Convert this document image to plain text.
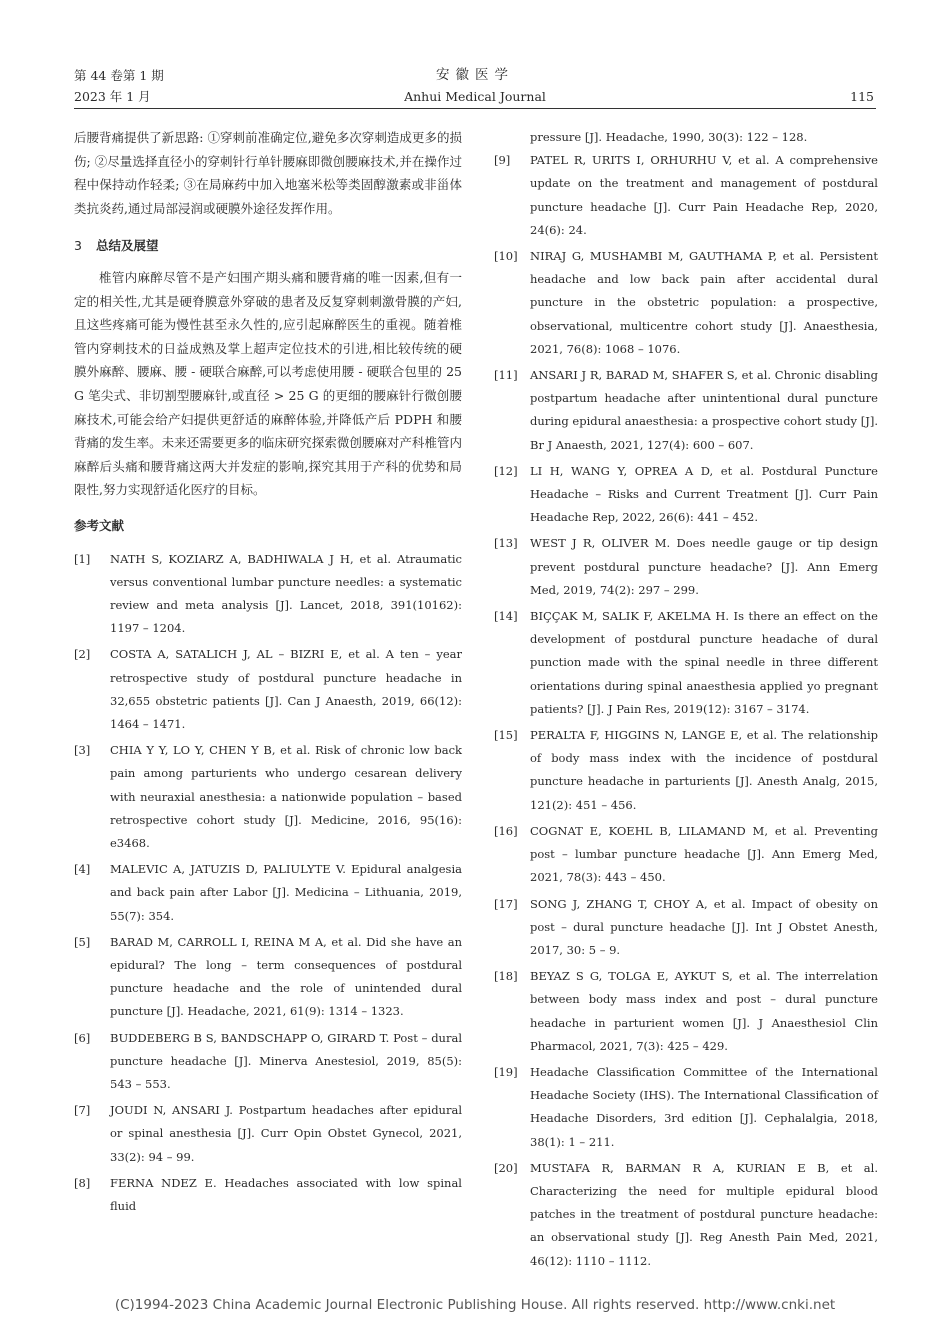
第 44 卷第 1 期
2023 年 1 月
安徽医学
Anhui Medical Journal	115

后腰背痛提供了新思路: ①穿刺前准确定位,避免多次穿刺造成更多的损伤; ②尽量选择直径小的穿刺针行单针腰麻即微创腰麻技术,并在操作过程中保持动作轻柔; ③在局麻药中加入地塞米松等类固醇激素或非甾体类抗炎药,通过局部浸润或硬膜外途径发挥作用。

3 总结及展望

椎管内麻醉尽管不是产妇围产期头痛和腰背痛的唯一因素,但有一定的相关性,尤其是硬脊膜意外穿破的患者及反复穿刺刺激骨膜的产妇,且这些疼痛可能为慢性甚至永久性的,应引起麻醉医生的重视。随着椎管内穿刺技术的日益成熟及掌上超声定位技术的引进,相比较传统的硬膜外麻醉、腰麻、腰 - 硬联合麻醉,可以考虑使用腰 - 硬联合包里的 25 G 笔尖式、非切割型腰麻针,或直径 > 25 G 的更细的腰麻针行微创腰麻技术,可能会给产妇提供更舒适的麻醉体验,并降低产后 PDPH 和腰背痛的发生率。未来还需要更多的临床研究探索微创腰麻对产科椎管内麻醉后头痛和腰背痛这两大并发症的影响,探究其用于产科的优势和局限性,努力实现舒适化医疗的目标。

参考文献

[1]	NATH S, KOZIARZ A, BADHIWALA J H, et al. Atraumatic versus conventional lumbar puncture needles: a systematic review and meta analysis [J]. Lancet, 2018, 391(10162): 1197 – 1204.
[2]	COSTA A, SATALICH J, AL – BIZRI E, et al. A ten – year retrospective study of postdural puncture headache in 32,655 obstetric patients [J]. Can J Anaesth, 2019, 66(12): 1464 – 1471.
[3]	CHIA Y Y, LO Y, CHEN Y B, et al. Risk of chronic low back pain among parturients who undergo cesarean delivery with neuraxial anesthesia: a nationwide population – based retrospective cohort study [J]. Medicine, 2016, 95(16): e3468.
[4]	MALEVIC A, JATUZIS D, PALIULYTE V. Epidural analgesia and back pain after Labor [J]. Medicina – Lithuania, 2019, 55(7): 354.
[5]	BARAD M, CARROLL I, REINA M A, et al. Did she have an epidural? The long – term consequences of postdural puncture headache and the role of unintended dural puncture [J]. Headache, 2021, 61(9): 1314 – 1323.
[6]	BUDDEBERG B S, BANDSCHAPP O, GIRARD T. Post – dural puncture headache [J]. Minerva Anestesiol, 2019, 85(5): 543 – 553.
[7]	JOUDI N, ANSARI J. Postpartum headaches after epidural or spinal anesthesia [J]. Curr Opin Obstet Gynecol, 2021, 33(2): 94 – 99.
[8]	FERNA NDEZ E. Headaches associated with low spinal fluid

pressure [J]. Headache, 1990, 30(3): 122 – 128.

[9]	PATEL R, URITS I, ORHURHU V, et al. A comprehensive update on the treatment and management of postdural puncture headache [J]. Curr Pain Headache Rep, 2020, 24(6): 24.
[10]	NIRAJ G, MUSHAMBI M, GAUTHAMA P, et al. Persistent headache and low back pain after accidental dural puncture in the obstetric population: a prospective, observational, multicentre cohort study [J]. Anaesthesia, 2021, 76(8): 1068 – 1076.
[11]	ANSARI J R, BARAD M, SHAFER S, et al. Chronic disabling postpartum headache after unintentional dural puncture during epidural anaesthesia: a prospective cohort study [J]. Br J Anaesth, 2021, 127(4): 600 – 607.
[12]	LI H, WANG Y, OPREA A D, et al. Postdural Puncture Headache – Risks and Current Treatment [J]. Curr Pain Headache Rep, 2022, 26(6): 441 – 452.
[13]	WEST J R, OLIVER M. Does needle gauge or tip design prevent postdural puncture headache? [J]. Ann Emerg Med, 2019, 74(2): 297 – 299.
[14]	BIÇÇAK M, SALIK F, AKELMA H. Is there an effect on the development of postdural puncture headache of dural punction made with the spinal needle in three different orientations during spinal anaesthesia applied yo pregnant patients? [J]. J Pain Res, 2019(12): 3167 – 3174.
[15]	PERALTA F, HIGGINS N, LANGE E, et al. The relationship of body mass index with the incidence of postdural puncture headache in parturients [J]. Anesth Analg, 2015, 121(2): 451 – 456.
[16]	COGNAT E, KOEHL B, LILAMAND M, et al. Preventing post – lumbar puncture headache [J]. Ann Emerg Med, 2021, 78(3): 443 – 450.
[17]	SONG J, ZHANG T, CHOY A, et al. Impact of obesity on post – dural puncture headache [J]. Int J Obstet Anesth, 2017, 30: 5 – 9.
[18]	BEYAZ S G, TOLGA E, AYKUT S, et al. The interrelation between body mass index and post – dural puncture headache in parturient women [J]. J Anaesthesiol Clin Pharmacol, 2021, 7(3): 425 – 429.
[19]	Headache Classification Committee of the International Headache Society (IHS). The International Classification of Headache Disorders, 3rd edition [J]. Cephalalgia, 2018, 38(1): 1 – 211.
[20]	MUSTAFA R, BARMAN R A, KURIAN E B, et al. Characterizing the need for multiple epidural blood patches in the treatment of postdural puncture headache: an observational study [J]. Reg Anesth Pain Med, 2021, 46(12): 1110 – 1112.
(C)1994-2023 China Academic Journal Electronic Publishing House. All rights reserved. http://www.cnki.net
